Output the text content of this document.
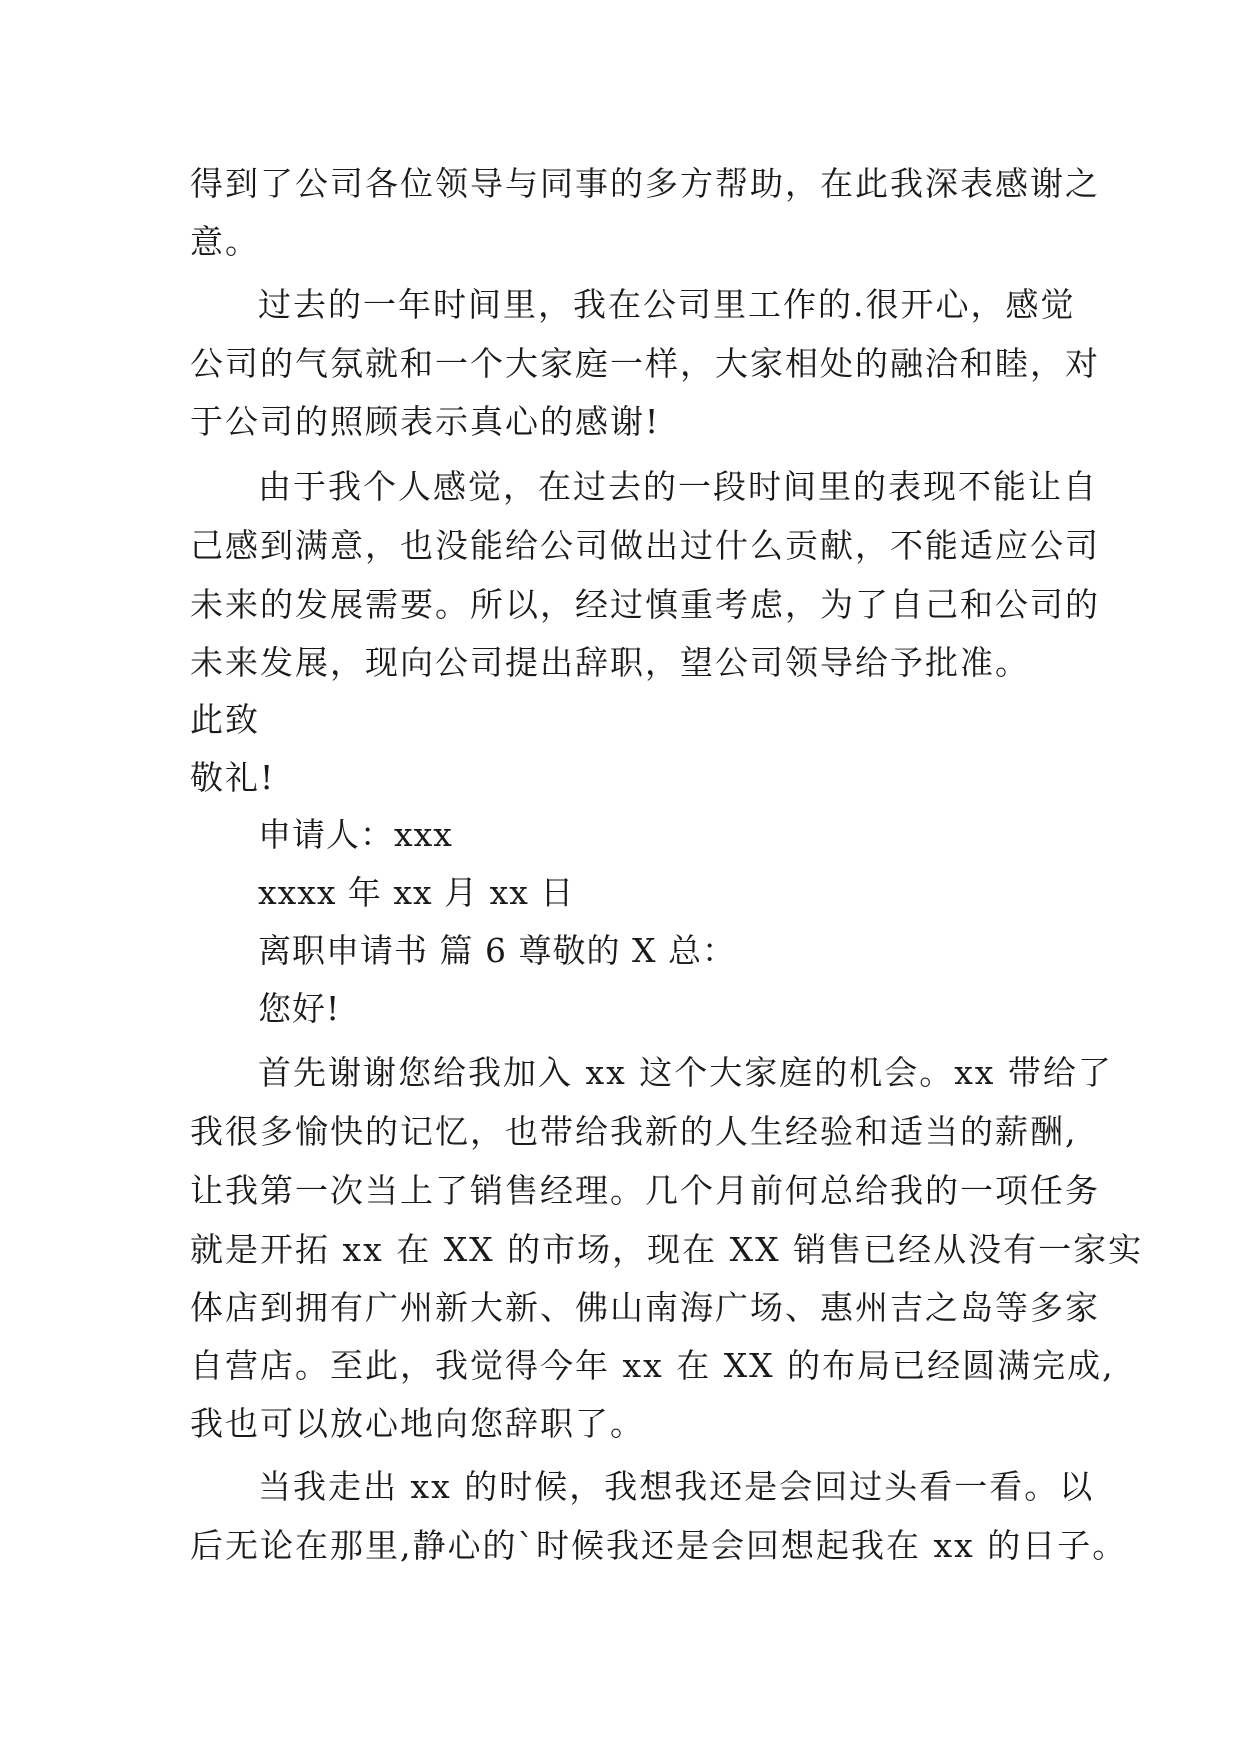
得到了公司各位领导与同事的多方帮助，在此我深表感谢之
意。
过去的一年时间里，我在公司里工作的.很开心，感觉
公司的气氛就和一个大家庭一样，大家相处的融洽和睦，对
于公司的照顾表示真心的感谢!
由于我个人感觉，在过去的一段时间里的表现不能让自
己感到满意，也没能给公司做出过什么贡献，不能适应公司
未来的发展需要。所以，经过慎重考虑，为了自己和公司的
未来发展，现向公司提出辞职，望公司领导给予批准。
此致
敬礼!
申请人：xxx
xxxx 年 xx 月 xx 日
离职申请书 篇 6 尊敬的 X 总：
您好!
首先谢谢您给我加入 xx 这个大家庭的机会。xx 带给了
我很多愉快的记忆，也带给我新的人生经验和适当的薪酬,
让我第一次当上了销售经理。几个月前何总给我的一项任务
就是开拓 xx 在 XX 的市场，现在 XX 销售已经从没有一家实
体店到拥有广州新大新、佛山南海广场、惠州吉之岛等多家
自营店。至此，我觉得今年 xx 在 XX 的布局已经圆满完成,
我也可以放心地向您辞职了。
当我走出 xx 的时候，我想我还是会回过头看一看。以
后无论在那里,静心的`时候我还是会回想起我在 xx 的日子。
